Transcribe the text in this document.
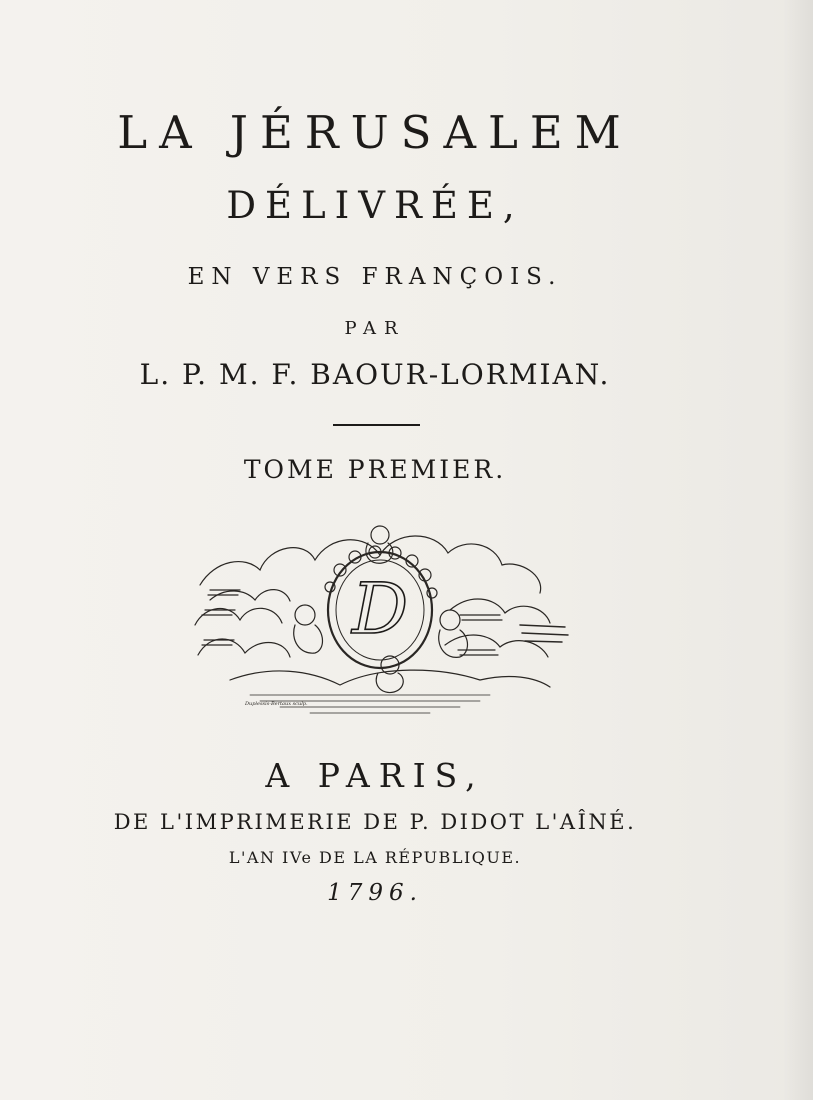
LA JÉRUSALEM
DÉLIVRÉE,
EN VERS FRANÇOIS.
PAR
L. P. M. F. BAOUR-LORMIAN.
TOME PREMIER.
D
Duplessis-Bertaux sculp.
A PARIS,
DE L'IMPRIMERIE DE P. DIDOT L'AÎNÉ.
L'AN IVe DE LA RÉPUBLIQUE.
1796.
